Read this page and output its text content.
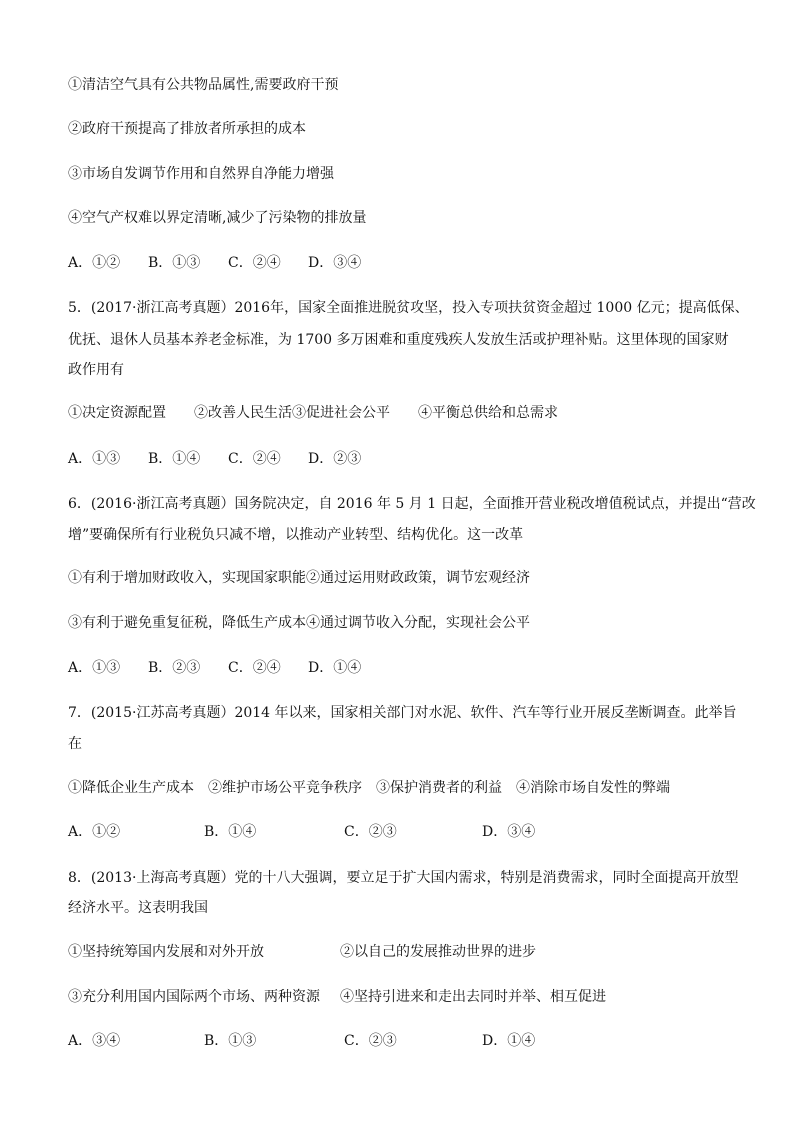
①清洁空气具有公共物品属性,需要政府干预
②政府干预提高了排放者所承担的成本
③市场自发调节作用和自然界自净能力增强
④空气产权难以界定清晰,减少了污染物的排放量
A．①② B．①③ C．②④ D．③④
5．(2017·浙江高考真题）2016年，国家全面推进脱贫攻坚，投入专项扶贫资金超过 1000 亿元；提高低保、
优抚、退休人员基本养老金标准，为 1700 多万困难和重度残疾人发放生活或护理补贴。这里体现的国家财
政作用有
①决定资源配置　　②改善人民生活③促进社会公平　　④平衡总供给和总需求
A．①③ B．①④ C．②④ D．②③
6．(2016·浙江高考真题）国务院决定，自 2016 年 5 月 1 日起，全面推开营业税改增值税试点，并提出“营改
增”要确保所有行业税负只减不增，以推动产业转型、结构优化。这一改革
①有利于增加财政收入，实现国家职能②通过运用财政政策，调节宏观经济
③有利于避免重复征税，降低生产成本④通过调节收入分配，实现社会公平
A．①③ B．②③ C．②④ D．①④
7．(2015·江苏高考真题）2014 年以来，国家相关部门对水泥、软件、汽车等行业开展反垄断调查。此举旨
在
①降低企业生产成本　②维护市场公平竞争秩序　③保护消费者的利益　④消除市场自发性的弊端
A．①②	B．①④	C．②③	D．③④
8．(2013·上海高考真题）党的十八大强调，要立足于扩大国内需求，特别是消费需求，同时全面提高开放型
经济水平。这表明我国
①坚持统筹国内发展和对外开放	②以自己的发展推动世界的进步
③充分利用国内国际两个市场、两种资源 ④坚持引进来和走出去同时并举、相互促进
A．③④	B．①③	C．②③	D．①④
